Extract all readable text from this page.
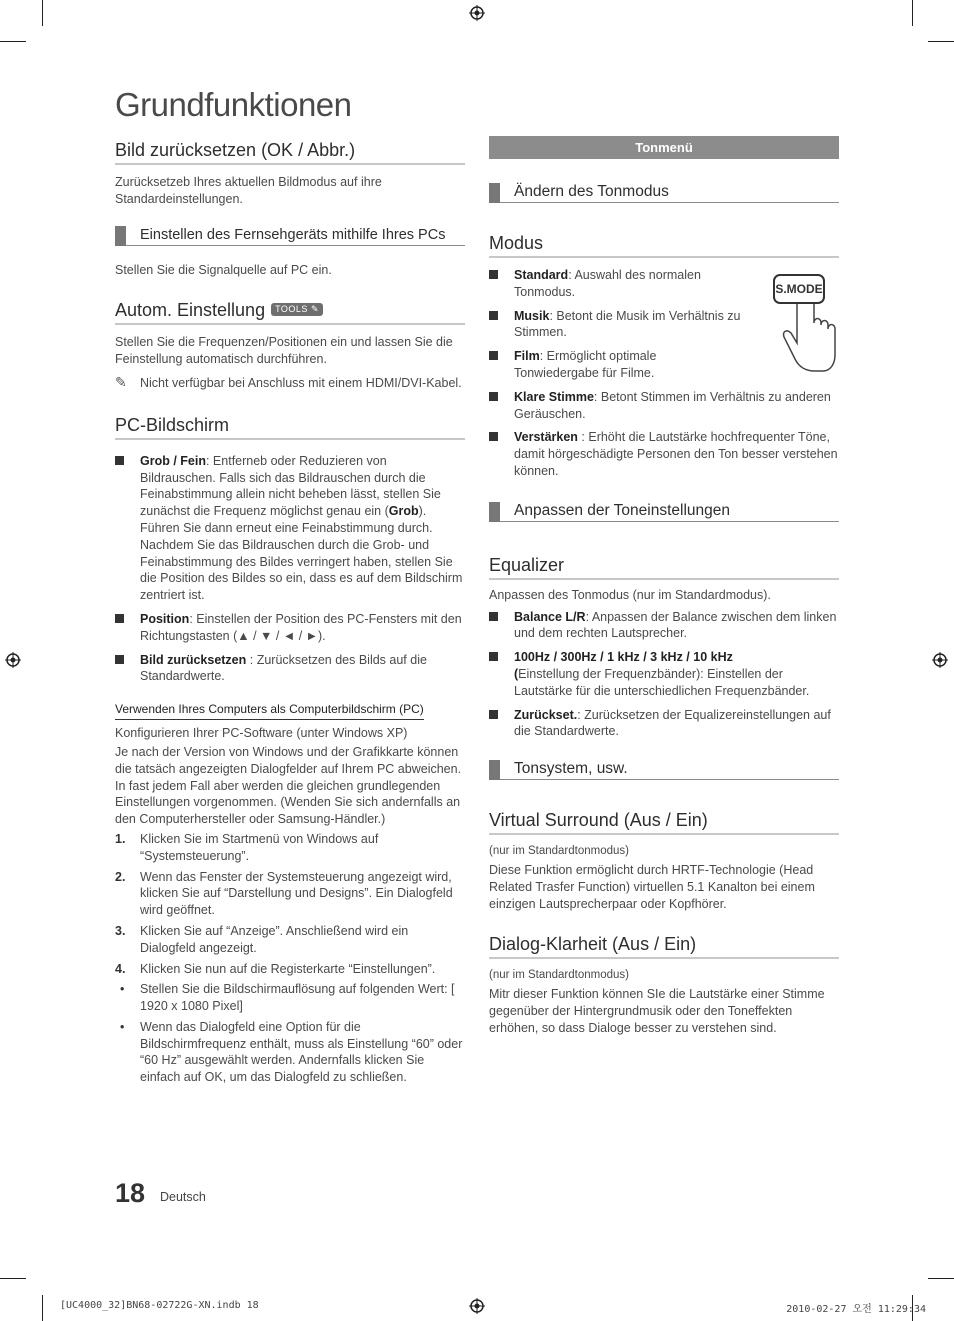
Grundfunktionen
Bild zurücksetzen (OK / Abbr.)

Zurücksetzeb Ihres aktuellen Bildmodus auf ihre Standardeinstellungen.

Einstellen des Fernsehgeräts mithilfe Ihres PCs

Stellen Sie die Signalquelle auf PC ein.

Autom. Einstellung TOOLS ✎

Stellen Sie die Frequenzen/Positionen ein und lassen Sie die Feinstellung automatisch durchführen.

✎ Nicht verfügbar bei Anschluss mit einem HDMI/DVI-Kabel.
PC-Bildschirm
Grob / Fein: Entferneb oder Reduzieren von Bildrauschen. Falls sich das Bildrauschen durch die Feinabstimmung allein nicht beheben lässt, stellen Sie zunächst die Frequenz möglichst genau ein (Grob). Führen Sie dann erneut eine Feinabstimmung durch. Nachdem Sie das Bildrauschen durch die Grob- und Feinabstimmung des Bildes verringert haben, stellen Sie die Position des Bildes so ein, dass es auf dem Bildschirm zentriert ist.
Position: Einstellen der Position des PC-Fensters mit den Richtungstasten (▲ / ▼ / ◄ / ►).
Bild zurücksetzen : Zurücksetzen des Bilds auf die Standardwerte.
Verwenden Ihres Computers als Computerbildschirm (PC)

Konfigurieren Ihrer PC-Software (unter Windows XP)

Je nach der Version von Windows und der Grafikkarte können die tatsäch angezeigten Dialogfelder auf Ihrem PC abweichen. In fast jedem Fall aber werden die gleichen grundlegenden Einstellungen vorgenommen. (Wenden Sie sich andernfalls an den Computerhersteller oder Samsung-Händler.)

1. Klicken Sie im Startmenü von Windows auf “Systemsteuerung”.
2. Wenn das Fenster der Systemsteuerung angezeigt wird, klicken Sie auf “Darstellung und Designs”. Ein Dialogfeld wird geöffnet.
3. Klicken Sie auf “Anzeige”. Anschließend wird ein Dialogfeld angezeigt.
4. Klicken Sie nun auf die Registerkarte “Einstellungen”.
• Stellen Sie die Bildschirmauflösung auf folgenden Wert: [ 1920 x 1080 Pixel]
• Wenn das Dialogfeld eine Option für die Bildschirmfrequenz enthält, muss als Einstellung “60” oder “60 Hz” ausgewählt werden. Andernfalls klicken Sie einfach auf OK, um das Dialogfeld zu schließen.
Tonmenü
Ändern des Tonmodus
Modus
S.MODE
Standard: Auswahl des normalen Tonmodus.
Musik: Betont die Musik im Verhältnis zu Stimmen.
Film: Ermöglicht optimale Tonwiedergabe für Filme.
Klare Stimme: Betont Stimmen im Verhältnis zu anderen Geräuschen.
Verstärken : Erhöht die Lautstärke hochfrequenter Töne, damit hörgeschädigte Personen den Ton besser verstehen können.
Anpassen der Toneinstellungen
Equalizer

Anpassen des Tonmodus (nur im Standardmodus).

Balance L/R: Anpassen der Balance zwischen dem linken und dem rechten Lautsprecher.
100Hz / 300Hz / 1 kHz / 3 kHz / 10 kHz
(Einstellung der Frequenzbänder): Einstellen der Lautstärke für die unterschiedlichen Frequenzbänder.
Zurückset.: Zurücksetzen der Equalizereinstellungen auf die Standardwerte.
Tonsystem, usw.
Virtual Surround (Aus / Ein)

(nur im Standardtonmodus)

Diese Funktion ermöglicht durch HRTF-Technologie (Head Related Trasfer Function) virtuellen 5.1 Kanalton bei einem einzigen Lautsprecherpaar oder Kopfhörer.

Dialog-Klarheit (Aus / Ein)

(nur im Standardtonmodus)

Mitr dieser Funktion können SIe die Lautstärke einer Stimme gegenüber der Hintergrundmusik oder den Toneffekten erhöhen, so dass Dialoge besser zu verstehen sind.

18 Deutsch
[UC4000_32]BN68-02722G-XN.indb 18	2010-02-27 오전 11:29:34
